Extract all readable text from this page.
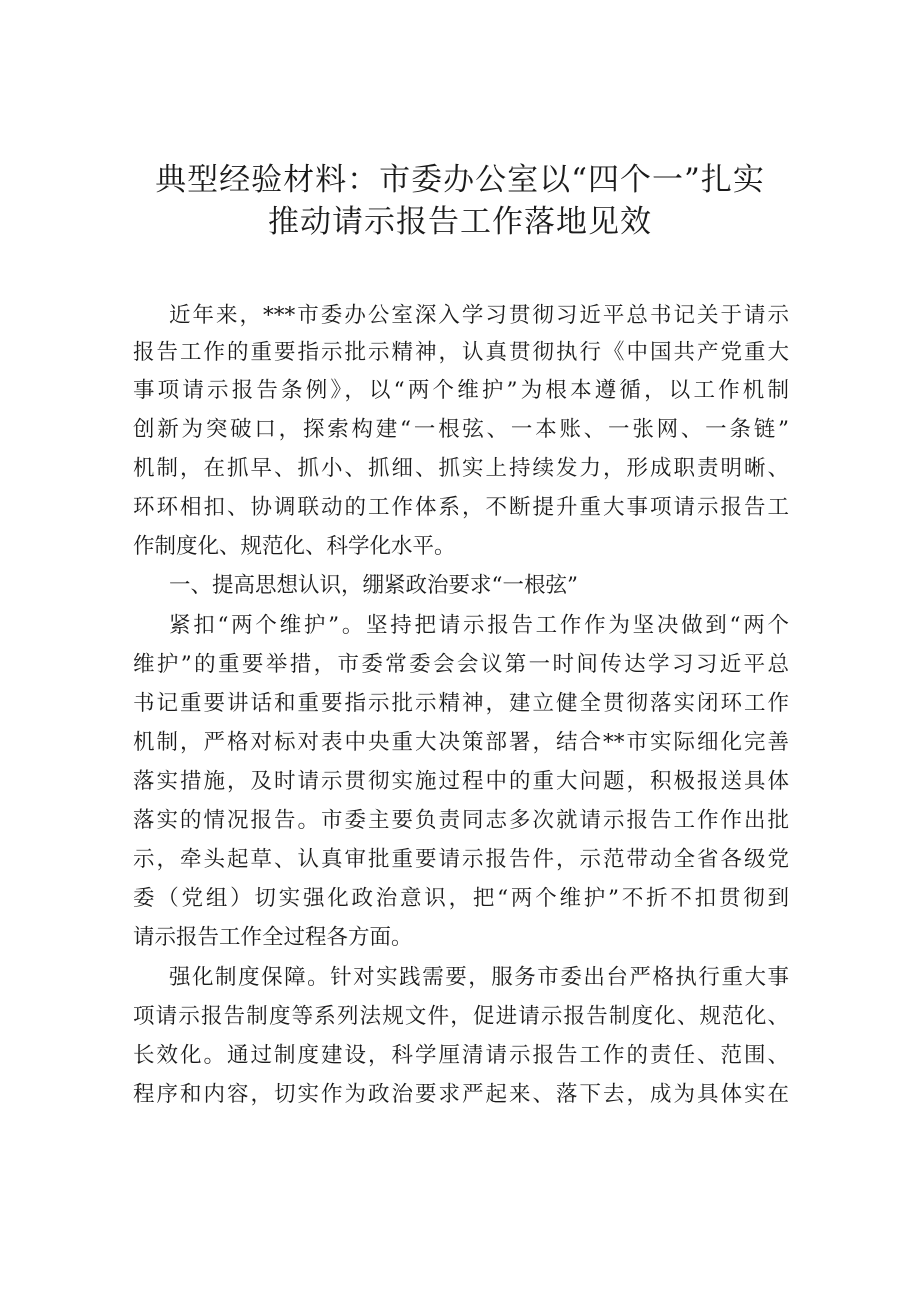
典型经验材料：市委办公室以“四个一”扎实
推动请示报告工作落地见效
近年来，***市委办公室深入学习贯彻习近平总书记关于请示
报告工作的重要指示批示精神，认真贯彻执行《中国共产党重大
事项请示报告条例》，以“两个维护”为根本遵循，以工作机制
创新为突破口，探索构建“一根弦、一本账、一张网、一条链”
机制，在抓早、抓小、抓细、抓实上持续发力，形成职责明晰、
环环相扣、协调联动的工作体系，不断提升重大事项请示报告工
作制度化、规范化、科学化水平。
一、提高思想认识，绷紧政治要求“一根弦”
紧扣“两个维护”。坚持把请示报告工作作为坚决做到“两个
维护”的重要举措，市委常委会会议第一时间传达学习习近平总
书记重要讲话和重要指示批示精神，建立健全贯彻落实闭环工作
机制，严格对标对表中央重大决策部署，结合**市实际细化完善
落实措施，及时请示贯彻实施过程中的重大问题，积极报送具体
落实的情况报告。市委主要负责同志多次就请示报告工作作出批
示，牵头起草、认真审批重要请示报告件，示范带动全省各级党
委（党组）切实强化政治意识，把“两个维护”不折不扣贯彻到
请示报告工作全过程各方面。
强化制度保障。针对实践需要，服务市委出台严格执行重大事
项请示报告制度等系列法规文件，促进请示报告制度化、规范化、
长效化。通过制度建设，科学厘清请示报告工作的责任、范围、
程序和内容，切实作为政治要求严起来、落下去，成为具体实在
